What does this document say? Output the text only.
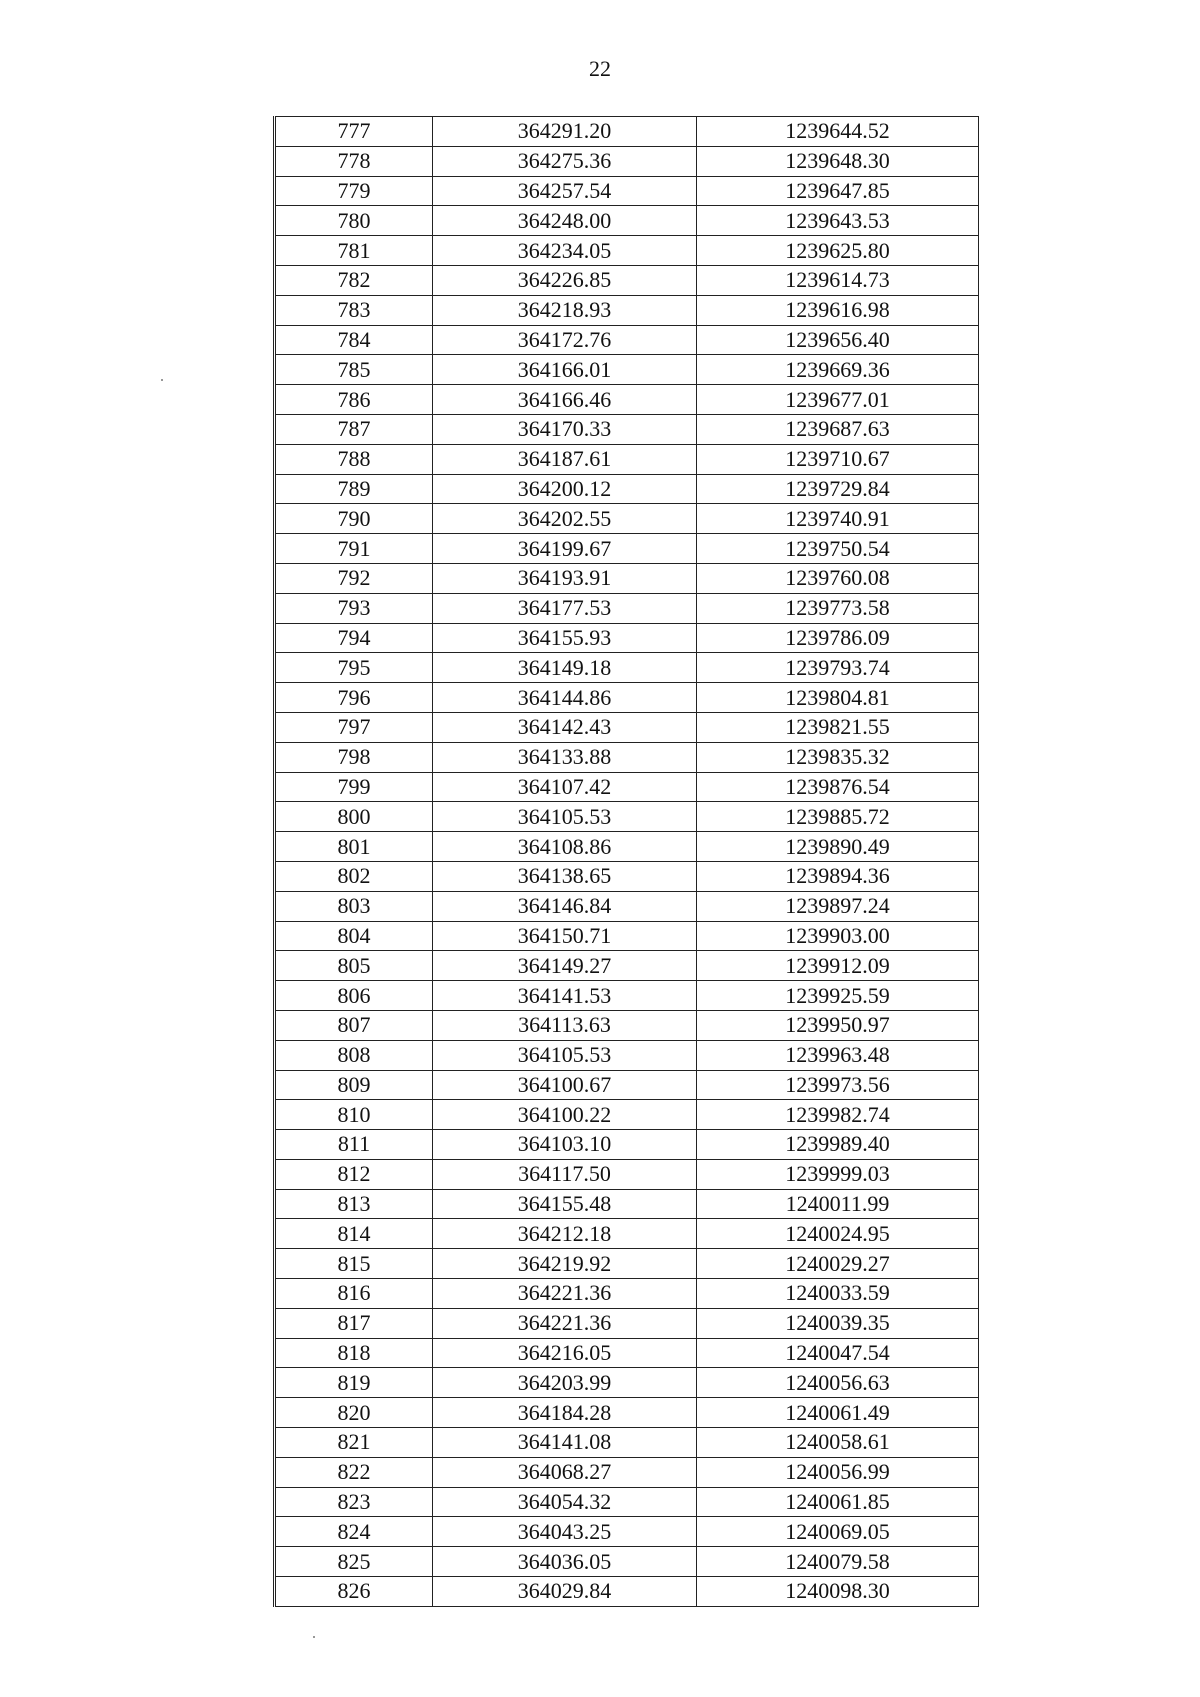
22
777	364291.20	1239644.52
778	364275.36	1239648.30
779	364257.54	1239647.85
780	364248.00	1239643.53
781	364234.05	1239625.80
782	364226.85	1239614.73
783	364218.93	1239616.98
784	364172.76	1239656.40
785	364166.01	1239669.36
786	364166.46	1239677.01
787	364170.33	1239687.63
788	364187.61	1239710.67
789	364200.12	1239729.84
790	364202.55	1239740.91
791	364199.67	1239750.54
792	364193.91	1239760.08
793	364177.53	1239773.58
794	364155.93	1239786.09
795	364149.18	1239793.74
796	364144.86	1239804.81
797	364142.43	1239821.55
798	364133.88	1239835.32
799	364107.42	1239876.54
800	364105.53	1239885.72
801	364108.86	1239890.49
802	364138.65	1239894.36
803	364146.84	1239897.24
804	364150.71	1239903.00
805	364149.27	1239912.09
806	364141.53	1239925.59
807	364113.63	1239950.97
808	364105.53	1239963.48
809	364100.67	1239973.56
810	364100.22	1239982.74
811	364103.10	1239989.40
812	364117.50	1239999.03
813	364155.48	1240011.99
814	364212.18	1240024.95
815	364219.92	1240029.27
816	364221.36	1240033.59
817	364221.36	1240039.35
818	364216.05	1240047.54
819	364203.99	1240056.63
820	364184.28	1240061.49
821	364141.08	1240058.61
822	364068.27	1240056.99
823	364054.32	1240061.85
824	364043.25	1240069.05
825	364036.05	1240079.58
826	364029.84	1240098.30
